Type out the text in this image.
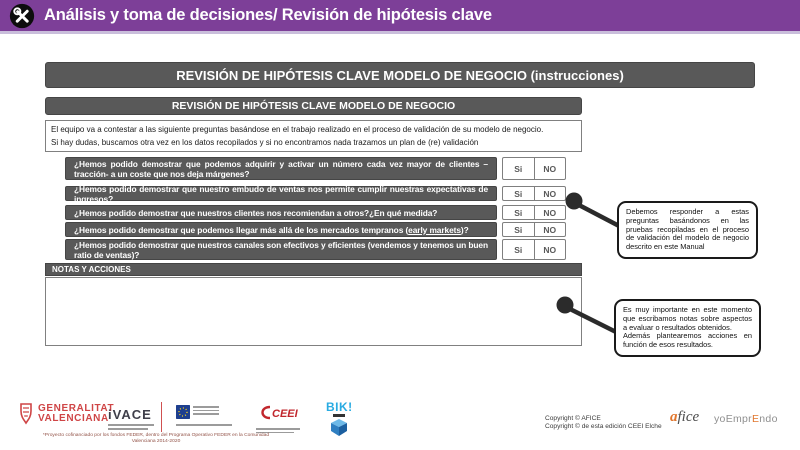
Análisis y toma de decisiones/ Revisión de hipótesis clave
REVISIÓN DE HIPÓTESIS CLAVE MODELO DE NEGOCIO (instrucciones)
REVISIÓN DE HIPÓTESIS CLAVE MODELO DE NEGOCIO
El equipo va a contestar a las siguiente preguntas basándose en el trabajo realizado en el proceso de validación de su modelo de negocio.
Si hay dudas, buscamos otra vez en los datos recopilados y si no encontramos nada trazamos un plan de (re) validación
¿Hemos podido demostrar que podemos adquirir y activar un número cada vez mayor de clientes –tracción- a un coste que nos deja márgenes?	Si	NO
¿Hemos podido demostrar que nuestro embudo de ventas nos permite cumplir nuestras expectativas de ingresos?	Si	NO
¿Hemos podido demostrar que nuestros clientes nos recomiendan a otros?¿En qué medida?	Si	NO
¿Hemos podido demostrar que podemos llegar más allá de los mercados tempranos (early markets)?	Si	NO
¿Hemos podido demostrar que nuestros canales son efectivos y eficientes (vendemos y tenemos un buen ratio de ventas)?	Si	NO
NOTAS Y ACCIONES

Debemos responder a estas preguntas basándonos en las pruebas recopiladas en el proceso de validación del modelo de negocio descrito en este Manual

Es muy importante en este momento que escribamos notas sobre aspectos a evaluar o resultados obtenidos.

Además plantearemos acciones en función de esos resultados.

GENERALITAT
VALENCIANA iVACE	CEEI BIK!
*Proyecto cofinanciado por los fondos FEDER, dentro del Programa Operativo FEDER en la Comunidad
Valenciana 2014-2020
Copyright © AFICE
Copyright © de esta edición CEEI Elche
afice yoEmprEndo
